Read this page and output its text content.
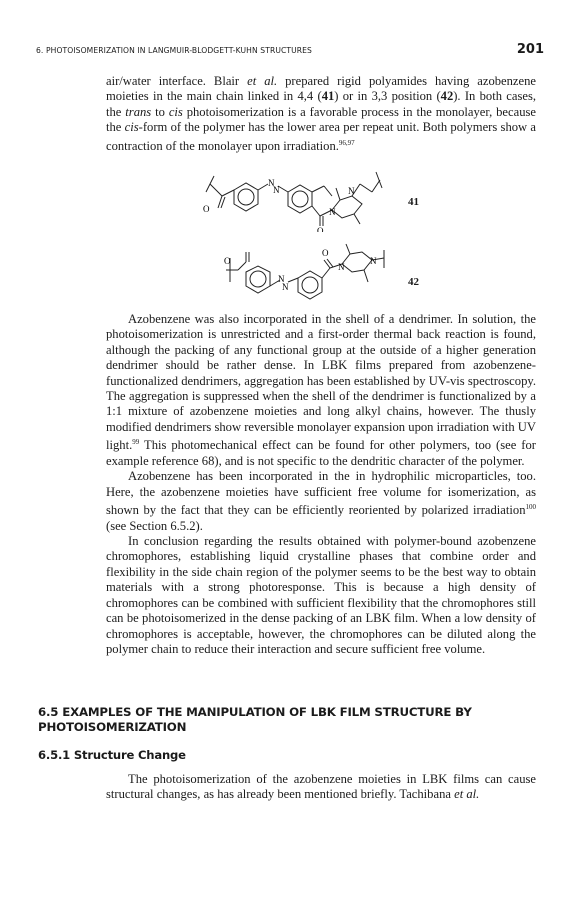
6. PHOTOISOMERIZATION IN LANGMUIR-BLODGETT-KUHN STRUCTURES	201

air/water interface. Blair et al. prepared rigid polyamides having azobenzene moieties in the main chain linked in 4,4 (41) or in 3,3 position (42). In both cases, the trans to cis photoisomerization is a favorable process in the monolayer, because the cis-form of the polymer has the lower area per repeat unit. Both polymers show a contraction of the monolayer upon irradiation.$^{96,97}$

O
N
N	N
N
O
41
O
N
N
O
N
N
42

Azobenzene was also incorporated in the shell of a dendrimer. In solution, the photoisomerization is unrestricted and a first-order thermal back reaction is found, although the packing of any functional group at the outside of a higher generation dendrimer should be rather dense. In LBK films prepared from azobenzene-functionalized dendrimers, aggregation has been established by UV-vis spectroscopy. The aggregation is suppressed when the shell of the dendrimer is functionalized by a 1:1 mixture of azobenzene moieties and long alkyl chains, however. The thusly modified dendrimers show reversible monolayer expansion upon irradiation with UV light.$^{99}$ This photomechanical effect can be found for other polymers, too (see for example reference 68), and is not specific to the dendritic character of the polymer.

Azobenzene has been incorporated in the in hydrophilic microparticles, too. Here, the azobenzene moieties have sufficient free volume for isomerization, as shown by the fact that they can be efficiently reoriented by polarized irradiation$^{100}$ (see Section 6.5.2).

In conclusion regarding the results obtained with polymer-bound azobenzene chromophores, establishing liquid crystalline phases that combine order and flexibility in the side chain region of the polymer seems to be the best way to obtain materials with a strong photoresponse. This is because a high density of chromophores can be combined with sufficient flexibility that the chromophores still can be photoisomerized in the dense packing of an LBK film. When a low density of chromophores is acceptable, however, the chromophores can be diluted along the polymer chain to reduce their interaction and secure sufficient free volume.

6.5 EXAMPLES OF THE MANIPULATION OF LBK FILM STRUCTURE BY PHOTOISOMERIZATION
6.5.1 Structure Change

The photoisomerization of the azobenzene moieties in LBK films can cause structural changes, as has already been mentioned briefly. Tachibana et al.
